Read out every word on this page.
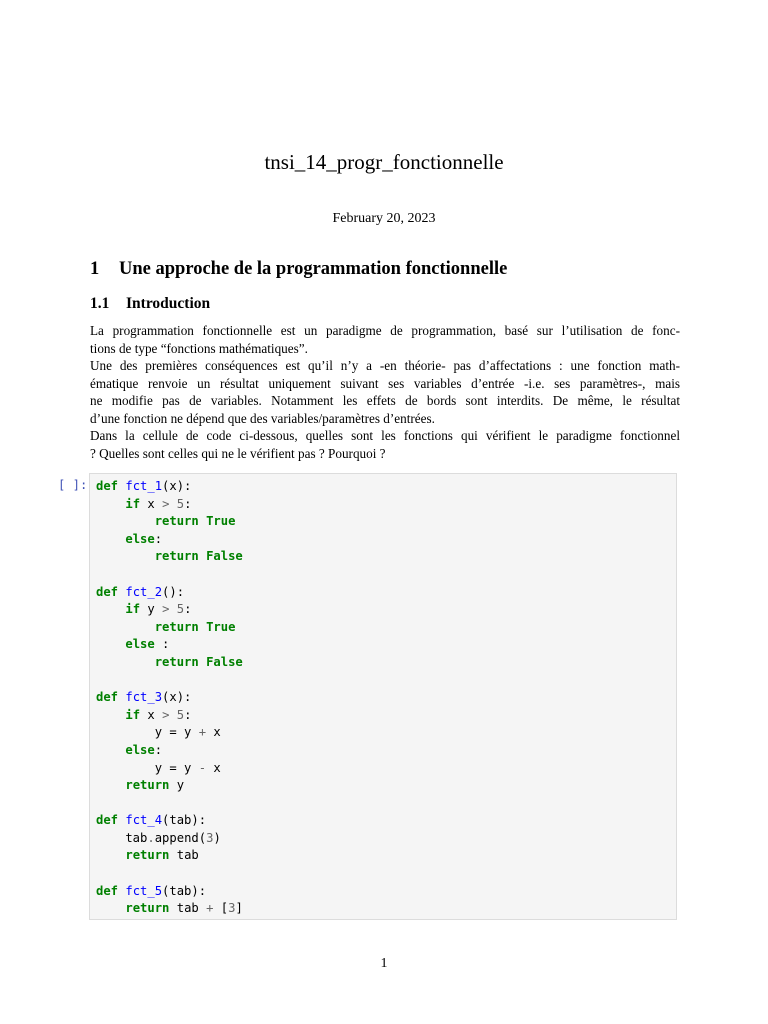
tnsi_14_progr_fonctionnelle
February 20, 2023
1 Une approche de la programmation fonctionnelle
1.1 Introduction
La programmation fonctionnelle est un paradigme de programmation, basé sur l’utilisation de fonc-
tions de type “fonctions mathématiques”.
Une des premières conséquences est qu’il n’y a -en théorie- pas d’affectations : une fonction math-
ématique renvoie un résultat uniquement suivant ses variables d’entrée -i.e. ses paramètres-, mais
ne modifie pas de variables. Notamment les effets de bords sont interdits. De même, le résultat
d’une fonction ne dépend que des variables/paramètres d’entrées.
Dans la cellule de code ci-dessous, quelles sont les fonctions qui vérifient le paradigme fonctionnel
? Quelles sont celles qui ne le vérifient pas ? Pourquoi ?
[ ]: def fct_1(x):
if x > 5:
return True
else:
return False
def fct_2():
if y > 5:
return True
else :
return False
def fct_3(x):
if x > 5:
y = y + x
else:
y = y - x
return y
def fct_4(tab):
tab.append(3)
return tab
def fct_5(tab):
return tab + [3]
1
